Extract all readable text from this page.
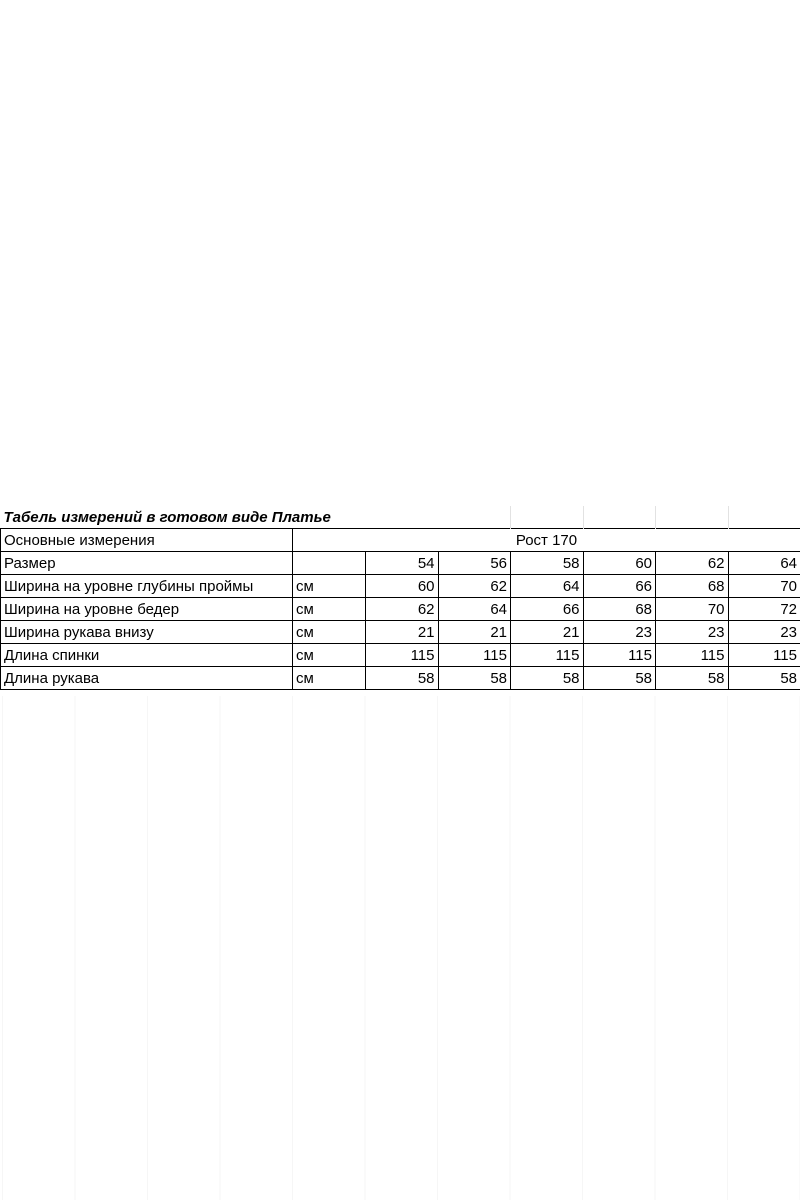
Табель измерений в готовом виде Платье							
Основные измерения	Рост 170						
Размер		54	56	58	60	62	64
Ширина на уровне глубины проймы	см	60	62	64	66	68	70
Ширина на уровне бедер	см	62	64	66	68	70	72
Ширина рукава внизу	см	21	21	21	23	23	23
Длина спинки	см	115	115	115	115	115	115
Длина рукава	см	58	58	58	58	58	58
